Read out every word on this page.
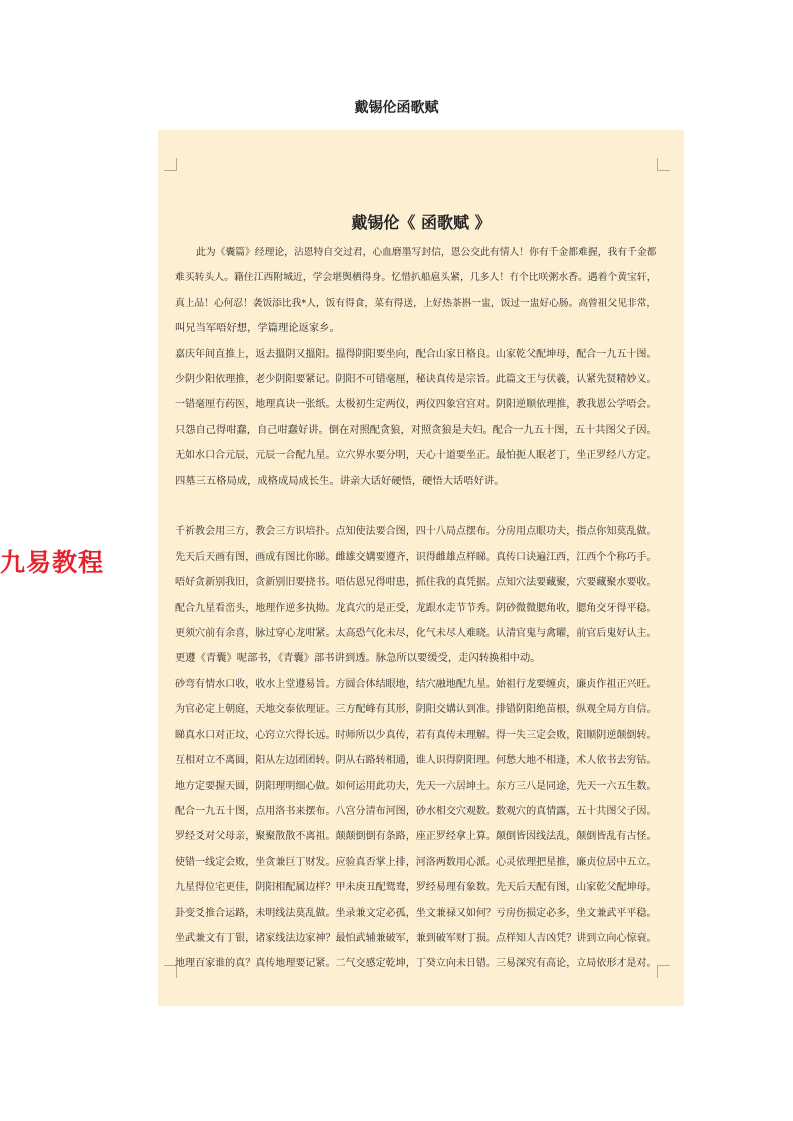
戴锡伦函歌赋
九易教程
戴锡伦《 函歌赋 》

此为《囊篇》经理论，沾恩特自交过君，心血磨墨写封信，恩公交此有情人！你有千金都难握，我有千金都

难买转头人。籍住江西附城近，学会堪舆栖得身。忆惜扒船扈头紧，几多人！冇个比咲粥水香。遇着个黄宝轩，

真上品！心何忍！袭饭添比我*人，饭有得食，菜有得送，上好热茶斟一盅，饭过一盅好心肠。高曾祖父见非常，

叫兄当军唔好想，学篇理论返家乡。

嘉庆年间直推上，返去搵阴又搵阳。揾得阴阳要坐向，配合山家日格良。山家乾父配坤母，配合一九五十图。

少阴少阳依理推，老少阴阳要紧记。阴阳不可错毫厘，秘诀真传是宗旨。此篇文王与伏羲，认紧先贤精妙义。

一错毫厘冇药医，地理真诀一张纸。太极初生定两仪，两仪四象宫宫对。阴阳逆顺依理推，教我恩公学唔会。

只怨自己得咁蠢，自己咁蠢好讲。倒在对照配贪狼，对照贪狼是夫妇。配合一九五十图，五十共图父子因。

无如水口合元辰，元辰一合配九星。立穴界水要分明，天心十道要坐正。最怕扼人眠老丁，坐正罗经八方定。

四墓三五格局成，成格成局成长生。讲亲大话好硬悟，硬悟大话唔好讲。

千祈教会用三方，教会三方识培扑。点知使法要合图，四十八局点摆布。分房用点眼功夫，指点你知莫乱做。

先天后天画有图，画成有图比你睇。雌雄交媾要遵齐，识得雌雄点样睇。真传口诀遍江西，江西个个称巧手。

唔好贪新别我旧，贪新别旧要挠书。唔估恩兄得咁患，抓住我的真凭据。点知穴法要藏聚，穴要藏聚水要收。

配合九星看峦头，地理作逆多执拗。龙真穴的是正受，龙跟水走节节秀。阴砂微微腮角收，腮角交牙得平稳。

更须穴前有余喜，脉过穿心龙咁紧。太高恐气化未尽，化气未尽人难晓。认清官鬼与禽曜，前官后鬼好认主。

更遵《青囊》呢部书，《青囊》部书讲到透。脉急所以要缓受，走闪转换相中动。

砂弯有情水口收，收水上堂遵易旨。方圆合体结眼地，结穴融地配九星。始祖行龙要缠贞，廉贞作祖正兴旺。

为官必定上朝庭，天地交泰依理证。三方配峰有其形，阴阳交媾认到准。排错阴阳绝苗根，纵观全局方自信。

睇真水口对正坟，心窍立穴得长远。时师所以少真传，若有真传未理解。得一失三定会败，阳顺阴逆颠倒转。

互相对立不离圆，阳从左边团团转。阴从右路转相通，谁人识得阴阳理。何愁大地不相逢，术人依书去穷钻。

地方定要握天圆，阴阳理明细心做。如何运用此功夫，先天一六居坤土。东方三八是同途，先天一六五生数。

配合一九五十图，点用洛书来摆布。八宫分清布河图，砂水相交穴观数。数观穴的真情露，五十共图父子因。

罗经爻对父母亲，聚聚散散不离祖。颠颠倒倒有条路，座正罗经拿上算。颠倒皆因线法乱，颠倒皆乱有古怪。

使错一线定会败，坐贪兼巨丁财发。应验真否掌上排，河洛两数用心派。心灵依理把星推，廉贞位居中五立。

九星得位宅更佳，阴阳相配属边样？甲未庚丑配鸳鸯，罗经易理有象数。先天后天配有图，山家乾父配坤母。

卦变爻推合运路，未明线法莫乱做。坐录兼文定必孤，坐文兼禄又如何？亏房伤损定必多，坐文兼武平平稳。

坐武兼文有丁银，诸家线法边家神？最怕武辅兼破军，兼到破军财丁损。点样知人吉凶凭？讲到立向心惊衰。

地理百家谁的真？真传地理要记紧。二气交感定乾坤，丁癸立向未日错。三易深究有高论，立局依形才是对。
